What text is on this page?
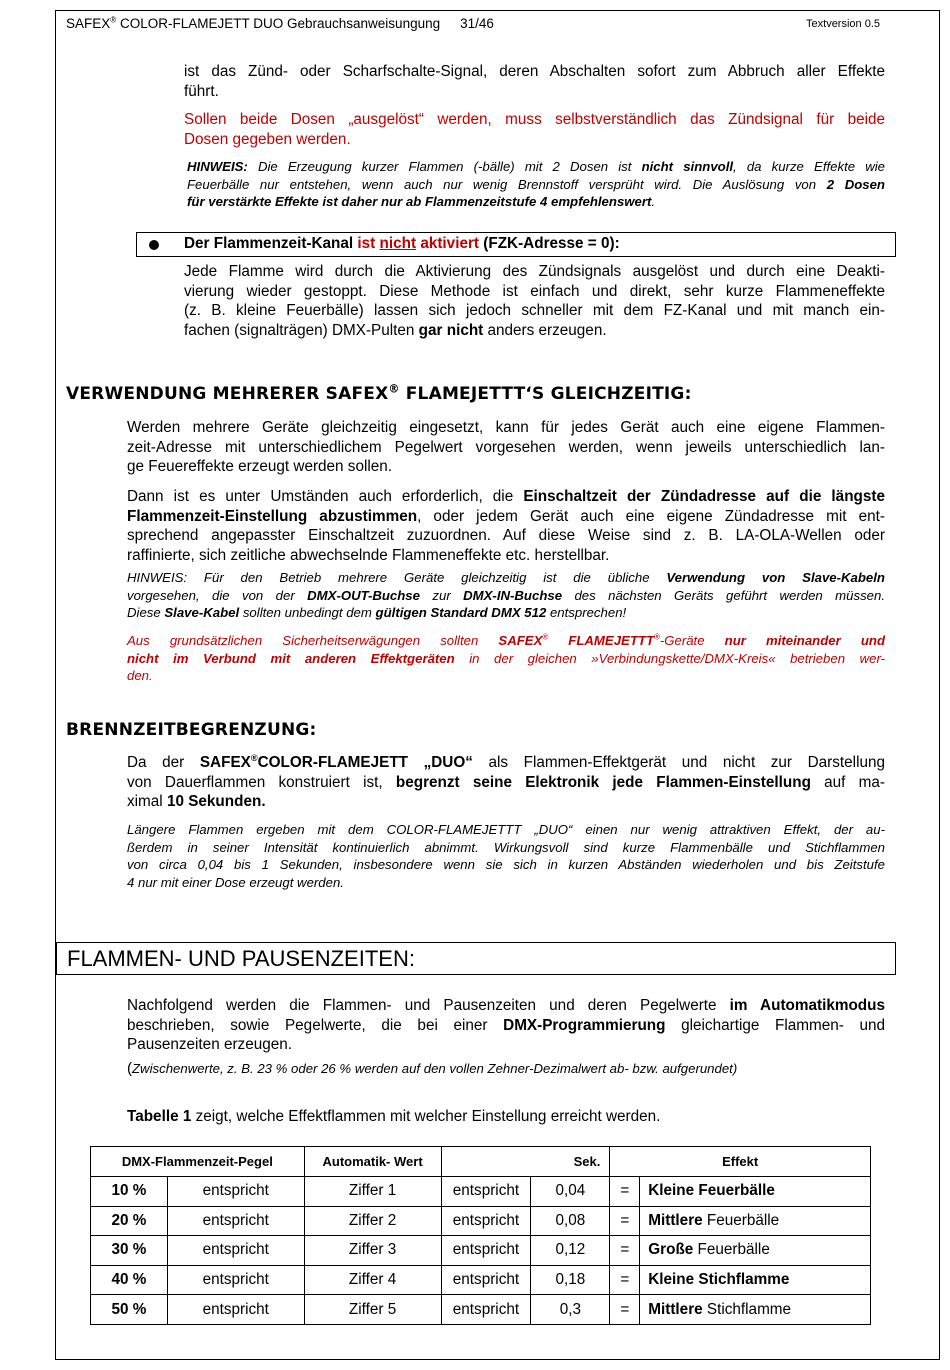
SAFEX® COLOR-FLAMEJETT DUO Gebrauchsanweisungung 31/46	Textversion 0.5
ist das Zünd- oder Scharfschalte-Signal, deren Abschalten sofort zum Abbruch aller Effekte
führt.
Sollen beide Dosen „ausgelöst“ werden, muss selbstverständlich das Zündsignal für beide
Dosen gegeben werden.
HINWEIS: Die Erzeugung kurzer Flammen (-bälle) mit 2 Dosen ist nicht sinnvoll, da kurze Effekte wie
Feuerbälle nur entstehen, wenn auch nur wenig Brennstoff versprüht wird. Die Auslösung von 2 Dosen
für verstärkte Effekte ist daher nur ab Flammenzeitstufe 4 empfehlenswert.
Der Flammenzeit-Kanal ist nicht aktiviert (FZK-Adresse = 0):
Jede Flamme wird durch die Aktivierung des Zündsignals ausgelöst und durch eine Deakti-
vierung wieder gestoppt. Diese Methode ist einfach und direkt, sehr kurze Flammeneffekte
(z. B. kleine Feuerbälle) lassen sich jedoch schneller mit dem FZ-Kanal und mit manch ein-
fachen (signalträgen) DMX-Pulten gar nicht anders erzeugen.
VERWENDUNG MEHRERER SAFEX® FLAMEJETTT‘S GLEICHZEITIG:
Werden mehrere Geräte gleichzeitig eingesetzt, kann für jedes Gerät auch eine eigene Flammen-
zeit-Adresse mit unterschiedlichem Pegelwert vorgesehen werden, wenn jeweils unterschiedlich lan-
ge Feuereffekte erzeugt werden sollen.
Dann ist es unter Umständen auch erforderlich, die Einschaltzeit der Zündadresse auf die längste
Flammenzeit-Einstellung abzustimmen, oder jedem Gerät auch eine eigene Zündadresse mit ent-
sprechend angepasster Einschaltzeit zuzuordnen. Auf diese Weise sind z. B. LA-OLA-Wellen oder
raffinierte, sich zeitliche abwechselnde Flammeneffekte etc. herstellbar.
HINWEIS: Für den Betrieb mehrere Geräte gleichzeitig ist die übliche Verwendung von Slave-Kabeln
vorgesehen, die von der DMX-OUT-Buchse zur DMX-IN-Buchse des nächsten Geräts geführt werden müssen.
Diese Slave-Kabel sollten unbedingt dem gültigen Standard DMX 512 entsprechen!
Aus grundsätzlichen Sicherheitserwägungen sollten SAFEX® FLAMEJETTT®-Geräte nur miteinander und
nicht im Verbund mit anderen Effektgeräten in der gleichen »Verbindungskette/DMX-Kreis« betrieben wer-
den.
BRENNZEITBEGRENZUNG:
Da der SAFEX®COLOR-FLAMEJETT „DUO“ als Flammen-Effektgerät und nicht zur Darstellung
von Dauerflammen konstruiert ist, begrenzt seine Elektronik jede Flammen-Einstellung auf ma-
ximal 10 Sekunden.
Längere Flammen ergeben mit dem COLOR-FLAMEJETTT „DUO“ einen nur wenig attraktiven Effekt, der au-
ßerdem in seiner Intensität kontinuierlich abnimmt. Wirkungsvoll sind kurze Flammenbälle und Stichflammen
von circa 0,04 bis 1 Sekunden, insbesondere wenn sie sich in kurzen Abständen wiederholen und bis Zeitstufe
4 nur mit einer Dose erzeugt werden.
FLAMMEN- UND PAUSENZEITEN:
Nachfolgend werden die Flammen- und Pausenzeiten und deren Pegelwerte im Automatikmodus
beschrieben, sowie Pegelwerte, die bei einer DMX-Programmierung gleichartige Flammen- und
Pausenzeiten erzeugen.
(Zwischenwerte, z. B. 23 % oder 26 % werden auf den vollen Zehner-Dezimalwert ab- bzw. aufgerundet)
Tabelle 1 zeigt, welche Effektflammen mit welcher Einstellung erreicht werden.
DMX-Flammenzeit-Pegel		Automatik- Wert	Sek.		Effekt	
10 %	entspricht	Ziffer 1	entspricht	0,04	=	Kleine Feuerbälle
20 %	entspricht	Ziffer 2	entspricht	0,08	=	Mittlere Feuerbälle
30 %	entspricht	Ziffer 3	entspricht	0,12	=	Große Feuerbälle
40 %	entspricht	Ziffer 4	entspricht	0,18	=	Kleine Stichflamme
50 %	entspricht	Ziffer 5	entspricht	0,3	=	Mittlere Stichflamme
